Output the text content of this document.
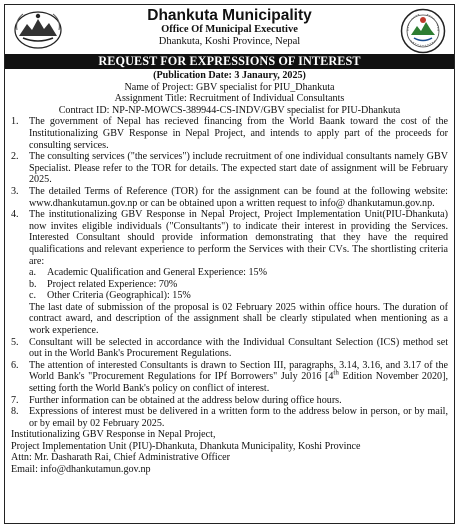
Dhankuta Municipality
Office Of Municipal Executive
Dhankuta, Koshi Province, Nepal
REQUEST FOR EXPRESSIONS OF INTEREST
(Publication Date: 3 Janaury, 2025)
Name of Project: GBV specialist for PIU_Dhankuta
Assignment Title: Recruitment of Individual Consultants
Contract ID: NP-NP-MOWCS-389944-CS-INDV/GBV specialist for PIU-Dhankuta
1. The government of Nepal has recieved financing from the World Baank toward the cost of the Institutionalizing GBV Response in Nepal Project, and intends to apply part of the proceeds for consulting services.
2. The consulting services ("the services") include recruitment of one individual consultants namely GBV Specialist. Please refer to the TOR for details. The expected start date of assignment will be February 2025.
3. The detailed Terms of Reference (TOR) for the assignment can be found at the following website: www.dhankutamun.gov.np or can be obtained upon a written request to info@ dhankutamun.gov.np.
4. The institutionalizing GBV Response in Nepal Project, Project Implementation Unit(PIU-Dhankuta) now invites eligible individuals ("Consultants") to indicate their interest in providing the Services. Interested Consultant should provide information demonstrating that they have the required qualifications and relevant experience to perform the Services with their CVs. The shortlisting criteria are:
a. Academic Qualification and General Experience: 15%
b. Project related Experience: 70%
c. Other Criteria (Geographical): 15%
The last date of submission of the proposal is 02 February 2025 within office hours. The duration of contract award, and description of the assignment shall be clearly stipulated when mentioning as a work experience.
5. Consultant will be selected in accordance with the Individual Consultant Selection (ICS) method set out in the World Bank's Procurement Regulations.
6. The attention of interested Consultants is drawn to Section III, paragraphs, 3.14, 3.16, and 3.17 of the World Bank's "Procurement Regulations for IPf Borrowers" July 2016 [4th Edition November 2020], setting forth the World Bank's policy on conflict of interest.
7. Further information can be obtained at the address below during office hours.
8. Expressions of interest must be delivered in a written form to the address below in person, or by mail, or by email by 02 February 2025.
Institutionalizing GBV Response in Nepal Project,
Project Implementation Unit (PIU)-Dhankuta, Dhankuta Municipality, Koshi Province
Attn: Mr. Dasharath Rai, Chief Administrative Officer
Email: info@dhankutamun.gov.np
